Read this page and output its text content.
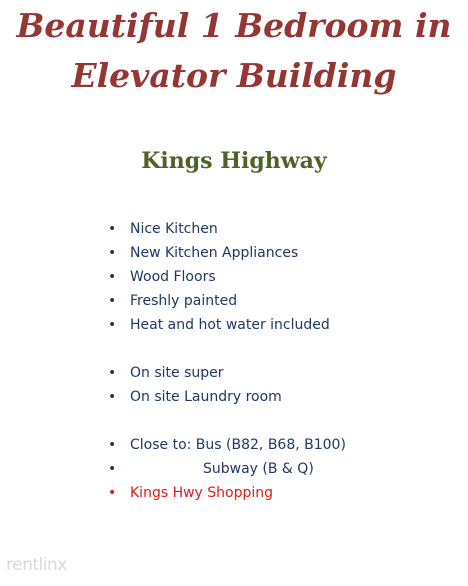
Beautiful 1 Bedroom in
Elevator Building
Kings Highway
• Nice Kitchen
• New Kitchen Appliances
• Wood Floors
• Freshly painted
• Heat and hot water included
• On site super
• On site Laundry room
• Close to: Bus (B82, B68, B100)
•	Subway (B & Q)
• Kings Hwy Shopping
rentlinx
